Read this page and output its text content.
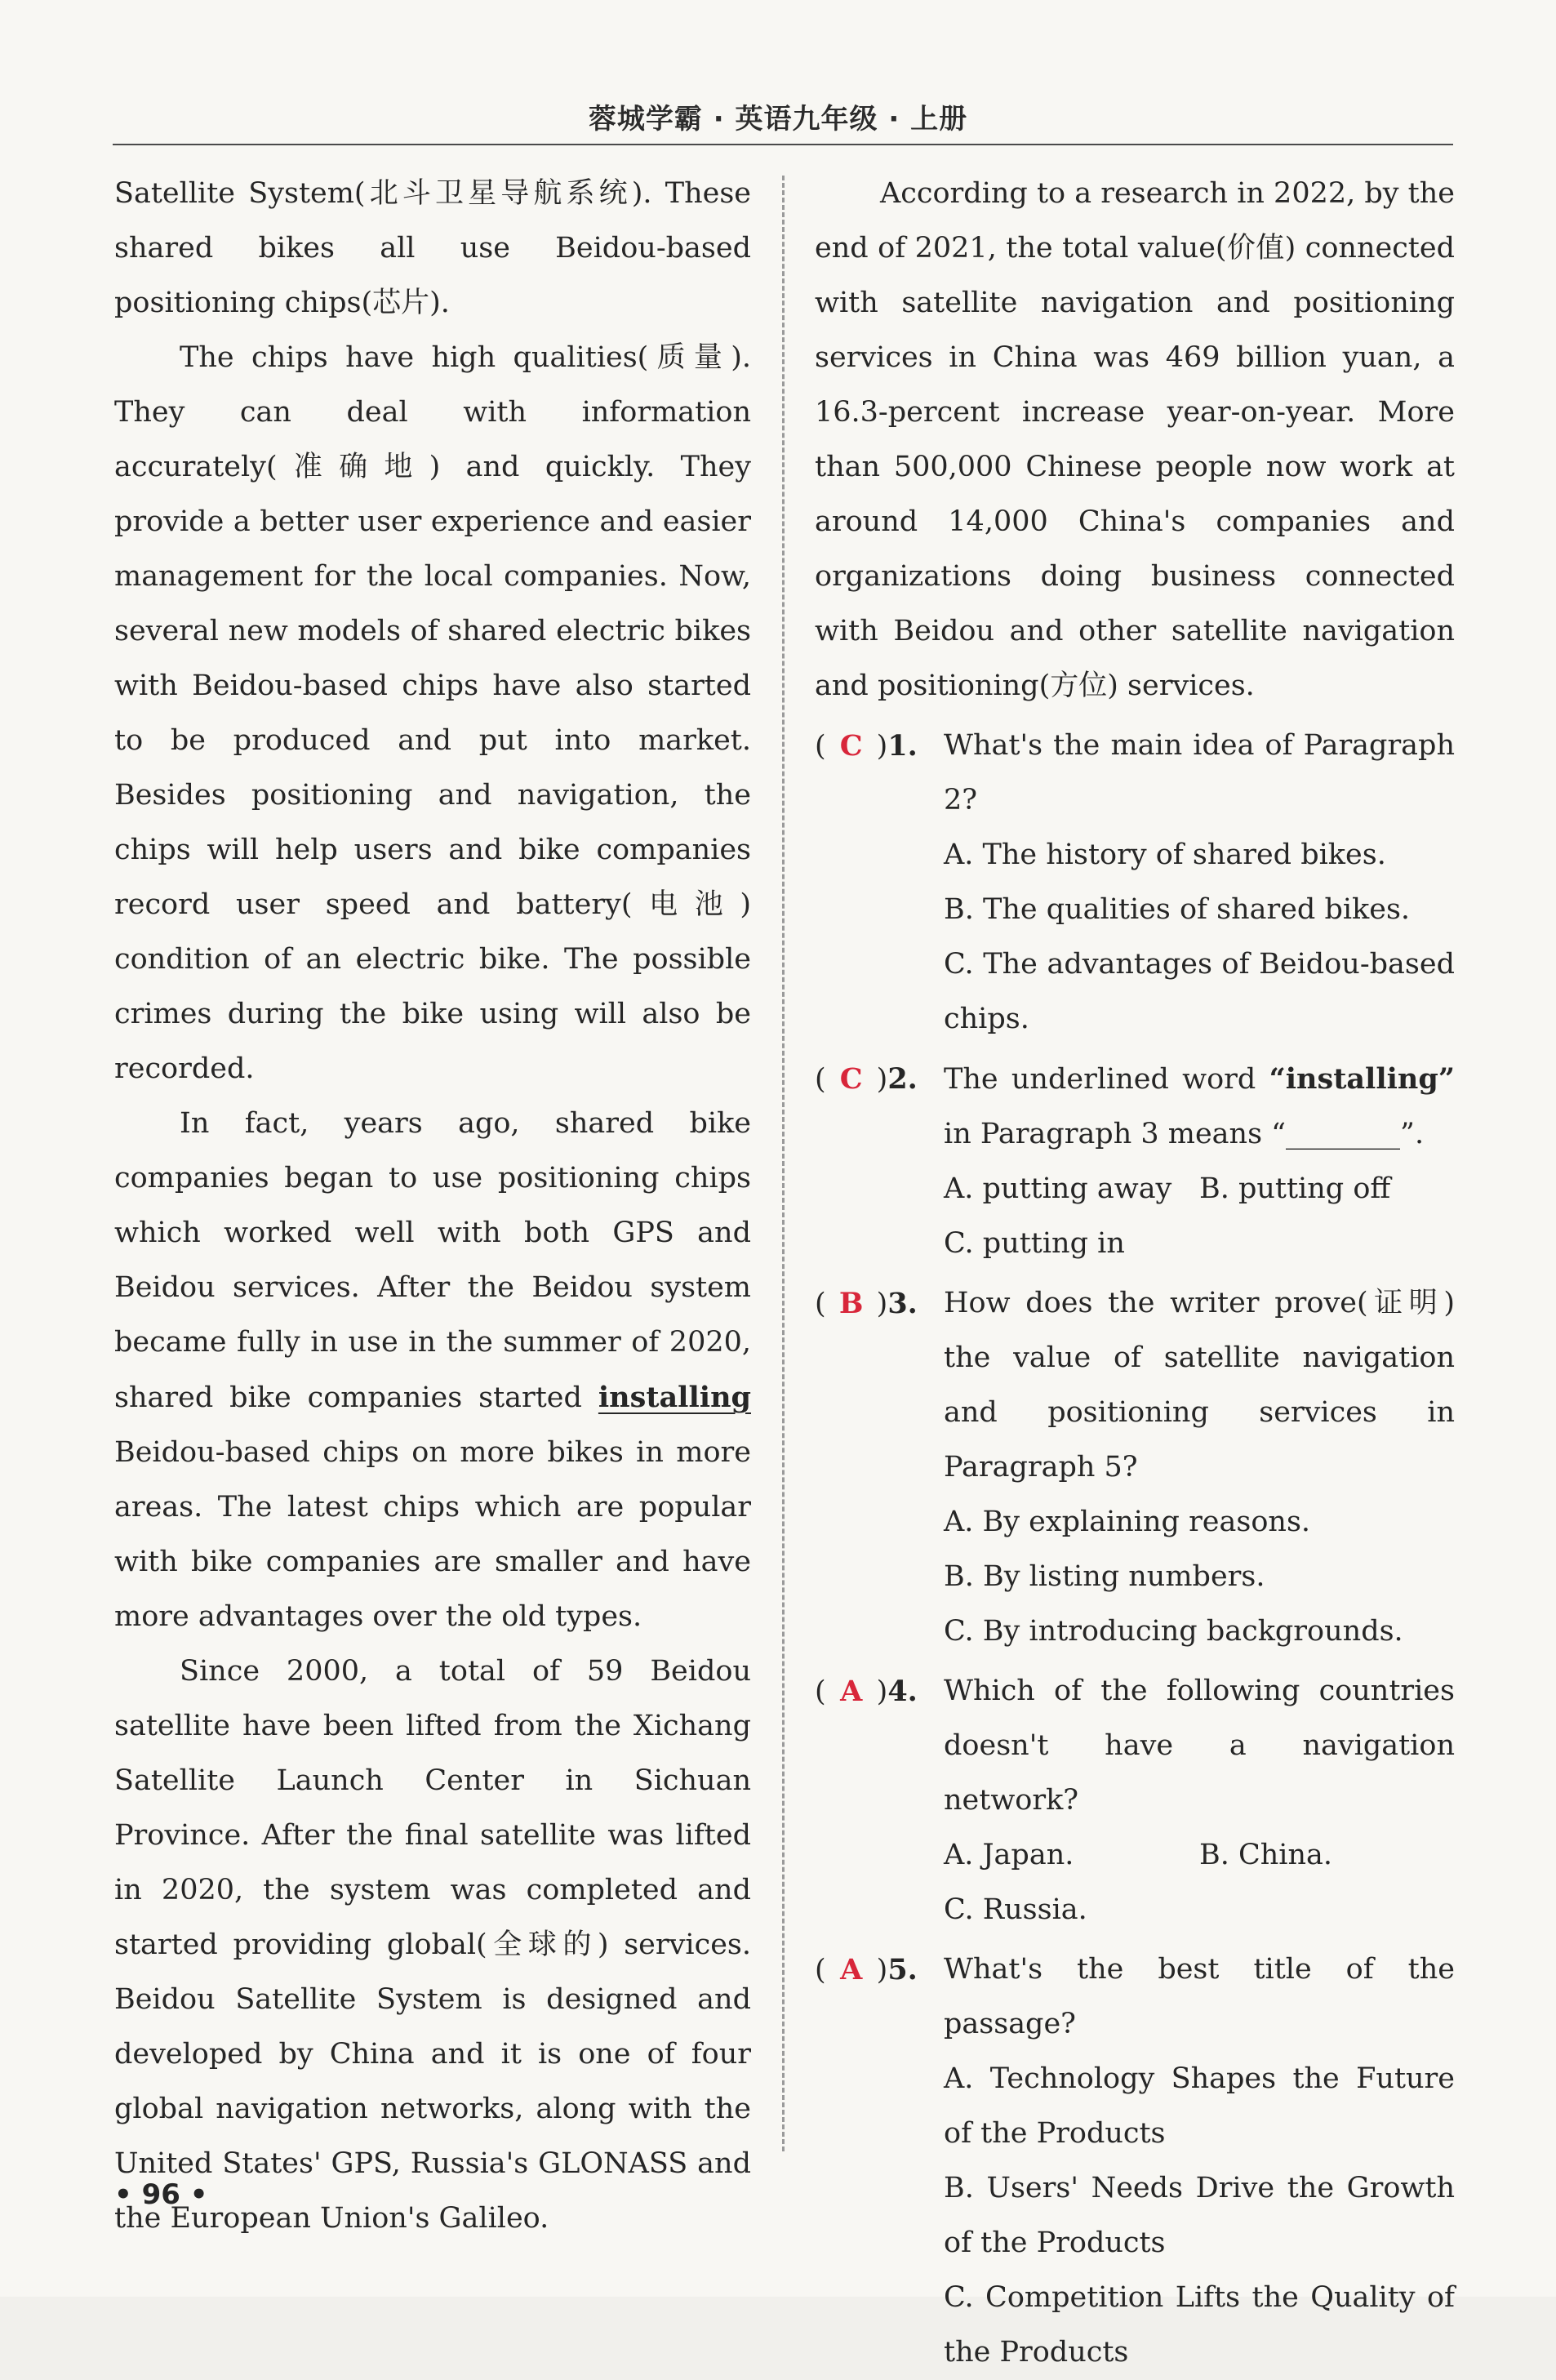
蓉城学霸 · 英语九年级 · 上册

Satellite System(北斗卫星导航系统). These shared bikes all use Beidou-based positioning chips(芯片).

The chips have high qualities(质量). They can deal with information accurately(准确地) and quickly. They provide a better user experience and easier management for the local companies. Now, several new models of shared electric bikes with Beidou-based chips have also started to be produced and put into market. Besides positioning and navigation, the chips will help users and bike companies record user speed and battery(电池) condition of an electric bike. The possible crimes during the bike using will also be recorded.

In fact, years ago, shared bike companies began to use positioning chips which worked well with both GPS and Beidou services. After the Beidou system became fully in use in the summer of 2020, shared bike companies started installing Beidou-based chips on more bikes in more areas. The latest chips which are popular with bike companies are smaller and have more advantages over the old types.

Since 2000, a total of 59 Beidou satellite have been lifted from the Xichang Satellite Launch Center in Sichuan Province. After the final satellite was lifted in 2020, the system was completed and started providing global(全球的) services. Beidou Satellite System is designed and developed by China and it is one of four global navigation networks, along with the United States' GPS, Russia's GLONASS and the European Union's Galileo.

According to a research in 2022, by the end of 2021, the total value(价值) connected with satellite navigation and positioning services in China was 469 billion yuan, a 16.3-percent increase year-on-year. More than 500,000 Chinese people now work at around 14,000 China's companies and organizations doing business connected with Beidou and other satellite navigation and positioning(方位) services.

( C )1. What's the main idea of Paragraph 2?
A. The history of shared bikes.
B. The qualities of shared bikes.
C. The advantages of Beidou-based chips.
( C )2. The underlined word “installing” in Paragraph 3 means “________”.
A. putting away B. putting off
C. putting in
( B )3. How does the writer prove(证明) the value of satellite navigation and positioning services in Paragraph 5?
A. By explaining reasons.
B. By listing numbers.
C. By introducing backgrounds.
( A )4. Which of the following countries doesn't have a navigation network?
A. Japan.	B. China.
C. Russia.
( A )5. What's the best title of the passage?
A. Technology Shapes the Future of the Products
B. Users' Needs Drive the Growth of the Products
C. Competition Lifts the Quality of the Products
• 96 •
